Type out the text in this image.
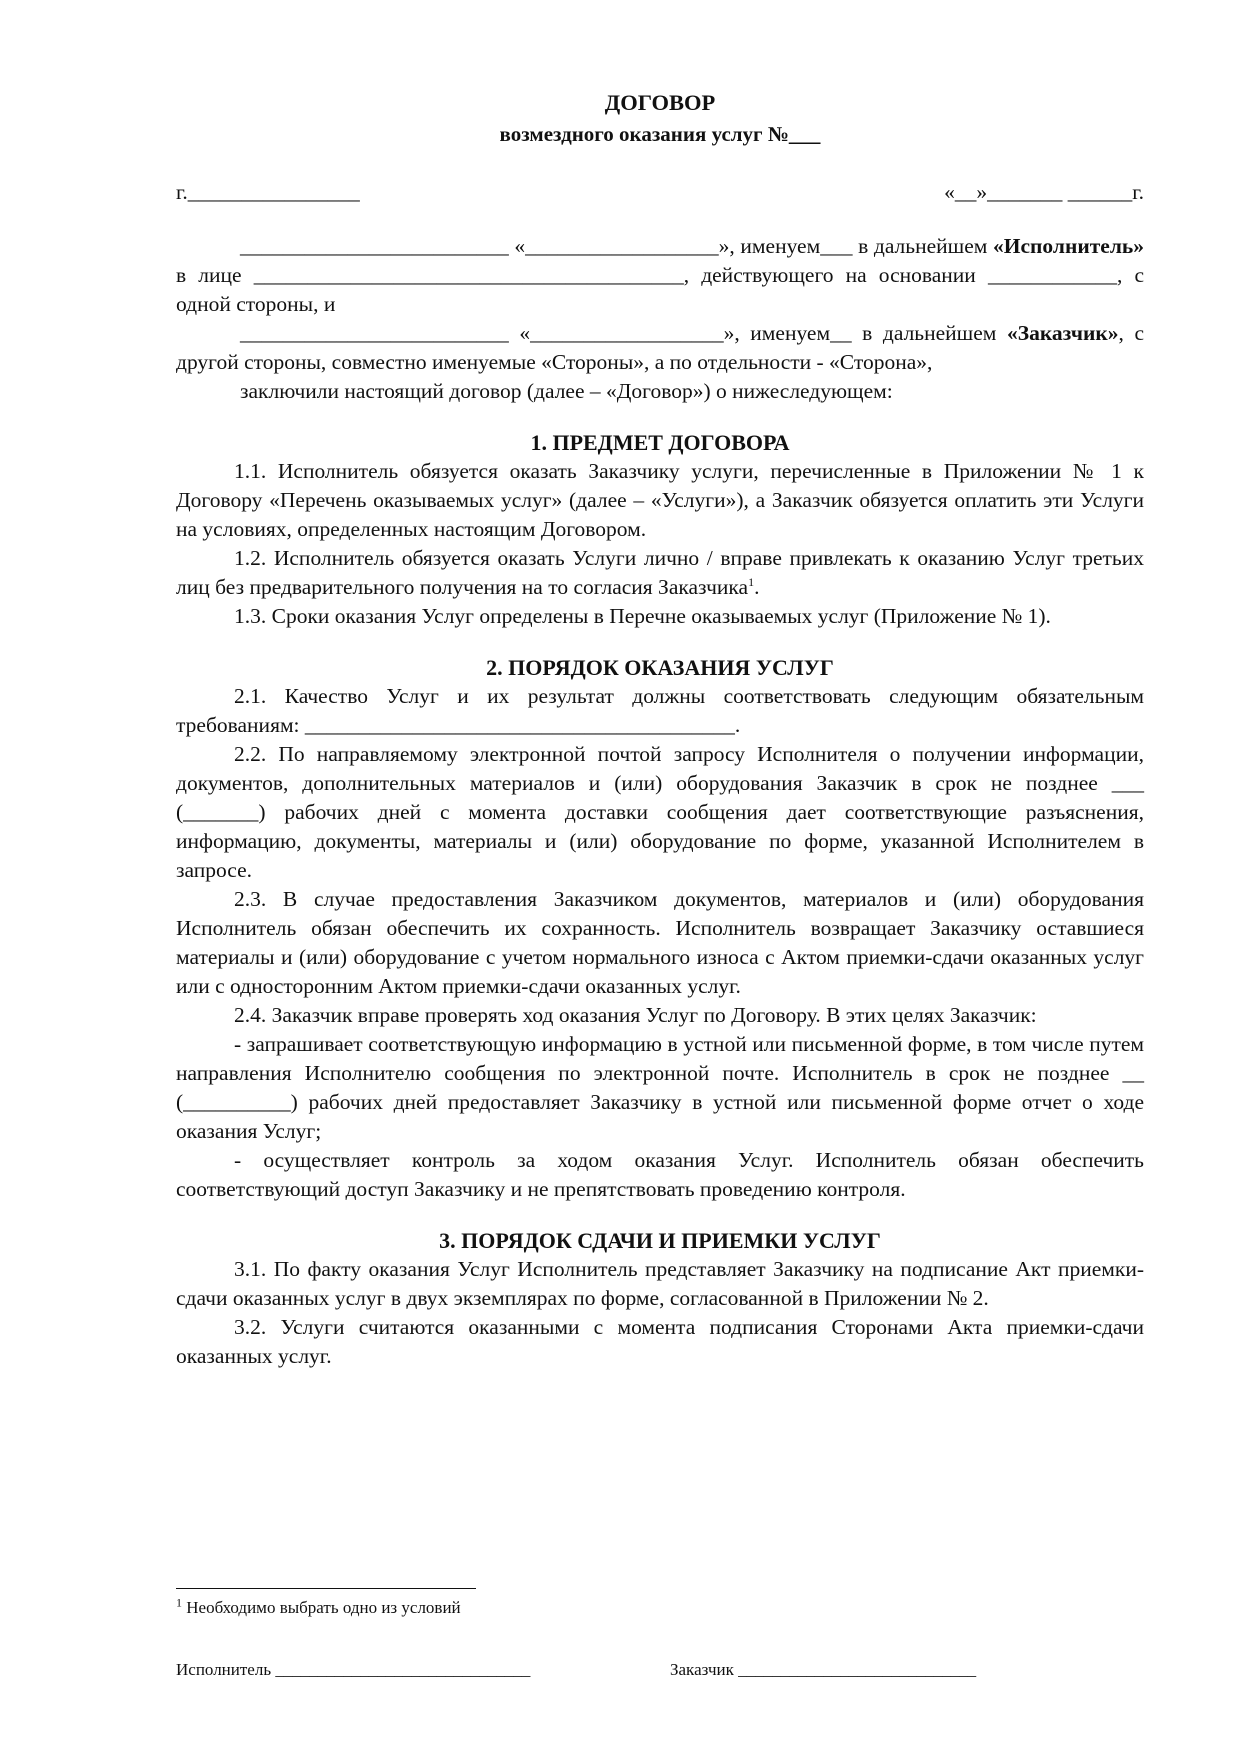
ДОГОВОР
возмездного оказания услуг №___
г.________________	«__»_______ ______г.

_________________________ «__________________», именуем___ в дальнейшем «Исполнитель» в лице ________________________________________, действующего на основании ____________, с одной стороны, и

_________________________ «__________________», именуем__ в дальнейшем «Заказчик», с другой стороны, совместно именуемые «Стороны», а по отдельности - «Сторона»,

заключили настоящий договор (далее – «Договор») о нижеследующем:

1. ПРЕДМЕТ ДОГОВОРА

1.1. Исполнитель обязуется оказать Заказчику услуги, перечисленные в Приложении № 1 к Договору «Перечень оказываемых услуг» (далее – «Услуги»), а Заказчик обязуется оплатить эти Услуги на условиях, определенных настоящим Договором.

1.2. Исполнитель обязуется оказать Услуги лично / вправе привлекать к оказанию Услуг третьих лиц без предварительного получения на то согласия Заказчика$^1$.

1.3. Сроки оказания Услуг определены в Перечне оказываемых услуг (Приложение № 1).

2. ПОРЯДОК ОКАЗАНИЯ УСЛУГ

2.1. Качество Услуг и их результат должны соответствовать следующим обязательным требованиям: ________________________________________.

2.2. По направляемому электронной почтой запросу Исполнителя о получении информации, документов, дополнительных материалов и (или) оборудования Заказчик в срок не позднее ___ (_______) рабочих дней с момента доставки сообщения дает соответствующие разъяснения, информацию, документы, материалы и (или) оборудование по форме, указанной Исполнителем в запросе.

2.3. В случае предоставления Заказчиком документов, материалов и (или) оборудования Исполнитель обязан обеспечить их сохранность. Исполнитель возвращает Заказчику оставшиеся материалы и (или) оборудование с учетом нормального износа с Актом приемки-сдачи оказанных услуг или с односторонним Актом приемки-сдачи оказанных услуг.

2.4. Заказчик вправе проверять ход оказания Услуг по Договору. В этих целях Заказчик:

- запрашивает соответствующую информацию в устной или письменной форме, в том числе путем направления Исполнителю сообщения по электронной почте. Исполнитель в срок не позднее __ (__________) рабочих дней предоставляет Заказчику в устной или письменной форме отчет о ходе оказания Услуг;

- осуществляет контроль за ходом оказания Услуг. Исполнитель обязан обеспечить соответствующий доступ Заказчику и не препятствовать проведению контроля.

3. ПОРЯДОК СДАЧИ И ПРИЕМКИ УСЛУГ

3.1. По факту оказания Услуг Исполнитель представляет Заказчику на подписание Акт приемки-сдачи оказанных услуг в двух экземплярах по форме, согласованной в Приложении № 2.

3.2. Услуги считаются оказанными с момента подписания Сторонами Акта приемки-сдачи оказанных услуг.

$^1$ Необходимо выбрать одно из условий
Исполнитель ______________________________	Заказчик ____________________________
